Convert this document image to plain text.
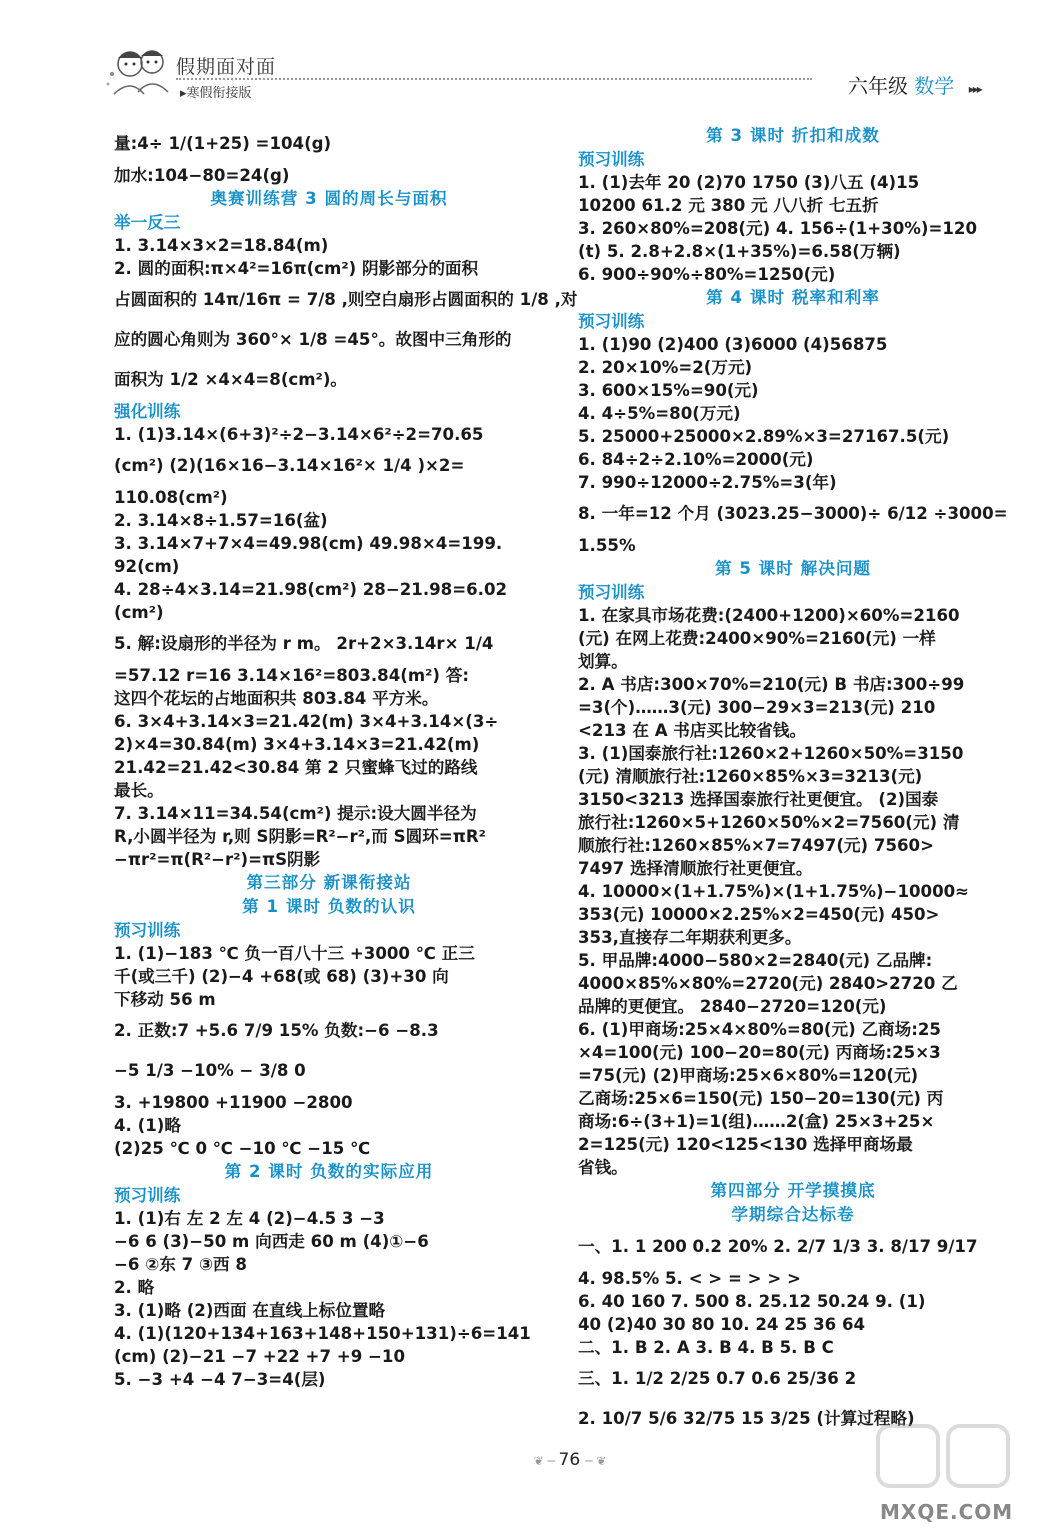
假期面对面
▸寒假衔接版	六年级 数学 ▸▸▸
量:4÷ 1/(1+25) =104(g)
加水:104−80=24(g)
奥赛训练营 3 圆的周长与面积
举一反三
1. 3.14×3×2=18.84(m)
2. 圆的面积:π×4²=16π(cm²) 阴影部分的面积
占圆面积的 14π/16π = 7/8 ,则空白扇形占圆面积的 1/8 ,对
应的圆心角则为 360°× 1/8 =45°。故图中三角形的
面积为 1/2 ×4×4=8(cm²)。
强化训练
1. (1)3.14×(6+3)²÷2−3.14×6²÷2=70.65
(cm²) (2)(16×16−3.14×16²× 1/4 )×2=
110.08(cm²)
2. 3.14×8÷1.57=16(盆)
3. 3.14×7+7×4=49.98(cm) 49.98×4=199.
92(cm)
4. 28÷4×3.14=21.98(cm²) 28−21.98=6.02
(cm²)
5. 解:设扇形的半径为 r m。 2r+2×3.14r× 1/4
=57.12 r=16 3.14×16²=803.84(m²) 答:
这四个花坛的占地面积共 803.84 平方米。
6. 3×4+3.14×3=21.42(m) 3×4+3.14×(3÷
2)×4=30.84(m) 3×4+3.14×3=21.42(m)
21.42=21.42<30.84 第 2 只蜜蜂飞过的路线
最长。
7. 3.14×11=34.54(cm²) 提示:设大圆半径为
R,小圆半径为 r,则 S阴影=R²−r²,而 S圆环=πR²
−πr²=π(R²−r²)=πS阴影
第三部分 新课衔接站
第 1 课时 负数的认识
预习训练
1. (1)−183 ℃ 负一百八十三 +3000 ℃ 正三
千(或三千) (2)−4 +68(或 68) (3)+30 向
下移动 56 m
2. 正数:7 +5.6 7/9 15% 负数:−6 −8.3
−5 1/3 −10% − 3/8 0
3. +19800 +11900 −2800
4. (1)略
(2)25 ℃ 0 ℃ −10 ℃ −15 ℃
第 2 课时 负数的实际应用
预习训练
1. (1)右 左 2 左 4 (2)−4.5 3 −3
−6 6 (3)−50 m 向西走 60 m (4)①−6
−6 ②东 7 ③西 8
2. 略
3. (1)略 (2)西面 在直线上标位置略
4. (1)(120+134+163+148+150+131)÷6=141
(cm) (2)−21 −7 +22 +7 +9 −10
5. −3 +4 −4 7−3=4(层)
第 3 课时 折扣和成数
预习训练
1. (1)去年 20 (2)70 1750 (3)八五 (4)15
10200 61.2 元 380 元 八八折 七五折
3. 260×80%=208(元) 4. 156÷(1+30%)=120
(t) 5. 2.8+2.8×(1+35%)=6.58(万辆)
6. 900÷90%÷80%=1250(元)
第 4 课时 税率和利率
预习训练
1. (1)90 (2)400 (3)6000 (4)56875
2. 20×10%=2(万元)
3. 600×15%=90(元)
4. 4÷5%=80(万元)
5. 25000+25000×2.89%×3=27167.5(元)
6. 84÷2÷2.10%=2000(元)
7. 990÷12000÷2.75%=3(年)
8. 一年=12 个月 (3023.25−3000)÷ 6/12 ÷3000=
1.55%
第 5 课时 解决问题
预习训练
1. 在家具市场花费:(2400+1200)×60%=2160
(元) 在网上花费:2400×90%=2160(元) 一样
划算。
2. A 书店:300×70%=210(元) B 书店:300÷99
=3(个)……3(元) 300−29×3=213(元) 210
<213 在 A 书店买比较省钱。
3. (1)国泰旅行社:1260×2+1260×50%=3150
(元) 清顺旅行社:1260×85%×3=3213(元)
3150<3213 选择国泰旅行社更便宜。 (2)国泰
旅行社:1260×5+1260×50%×2=7560(元) 清
顺旅行社:1260×85%×7=7497(元) 7560>
7497 选择清顺旅行社更便宜。
4. 10000×(1+1.75%)×(1+1.75%)−10000≈
353(元) 10000×2.25%×2=450(元) 450>
353,直接存二年期获利更多。
5. 甲品牌:4000−580×2=2840(元) 乙品牌:
4000×85%×80%=2720(元) 2840>2720 乙
品牌的更便宜。 2840−2720=120(元)
6. (1)甲商场:25×4×80%=80(元) 乙商场:25
×4=100(元) 100−20=80(元) 丙商场:25×3
=75(元) (2)甲商场:25×6×80%=120(元)
乙商场:25×6=150(元) 150−20=130(元) 丙
商场:6÷(3+1)=1(组)……2(盒) 25×3+25×
2=125(元) 120<125<130 选择甲商场最
省钱。
第四部分 开学摸摸底
学期综合达标卷
一、1. 1 200 0.2 20% 2. 2/7 1/3 3. 8/17 9/17
4. 98.5% 5. < > = > > >
6. 40 160 7. 500 8. 25.12 50.24 9. (1)
40 (2)40 30 80 10. 24 25 36 64
二、1. B 2. A 3. B 4. B 5. B C
三、1. 1/2 2/25 0.7 0.6 25/36 2
2. 10/7 5/6 32/75 15 3/25 (计算过程略)
❦ ─ 76 ─ ❦
MXQE.COM
